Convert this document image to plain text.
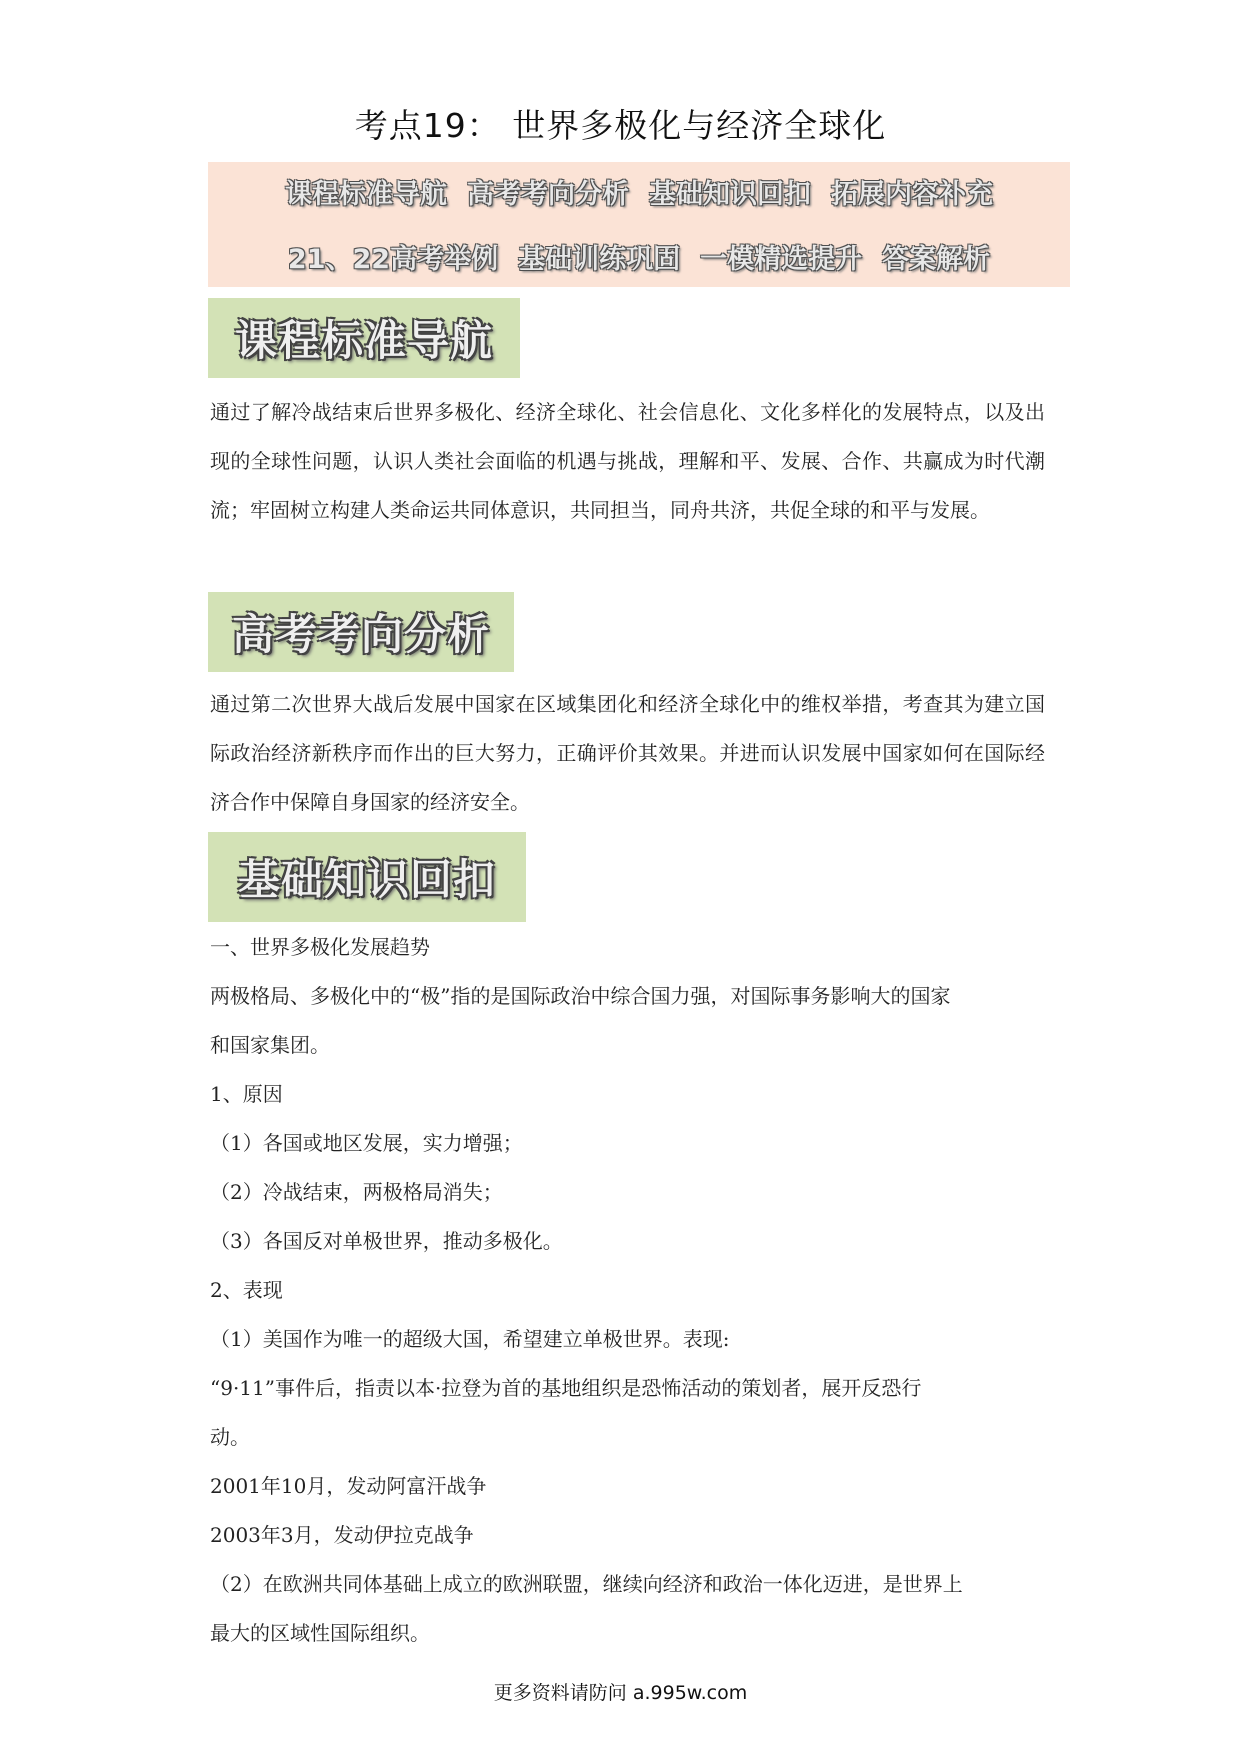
考点19： 世界多极化与经济全球化
课程标准导航 高考考向分析 基础知识回扣 拓展内容补充
21、22高考举例 基础训练巩固 一模精选提升 答案解析
课程标准导航
通过了解冷战结束后世界多极化、经济全球化、社会信息化、文化多样化的发展特点，以及出现的全球性问题，认识人类社会面临的机遇与挑战，理解和平、发展、合作、共赢成为时代潮流；牢固树立构建人类命运共同体意识，共同担当，同舟共济，共促全球的和平与发展。
高考考向分析
通过第二次世界大战后发展中国家在区域集团化和经济全球化中的维权举措，考查其为建立国际政治经济新秩序而作出的巨大努力，正确评价其效果。并进而认识发展中国家如何在国际经济合作中保障自身国家的经济安全。
基础知识回扣
一、世界多极化发展趋势
两极格局、多极化中的“极”指的是国际政治中综合国力强，对国际事务影响大的国家
和国家集团。
1、原因
（1）各国或地区发展，实力增强；
（2）冷战结束，两极格局消失；
（3）各国反对单极世界，推动多极化。
2、表现
（1）美国作为唯一的超级大国，希望建立单极世界。表现:
“9·11”事件后，指责以本·拉登为首的基地组织是恐怖活动的策划者，展开反恐行
动。
2001年10月，发动阿富汗战争
2003年3月，发动伊拉克战争
（2）在欧洲共同体基础上成立的欧洲联盟，继续向经济和政治一体化迈进，是世界上
最大的区域性国际组织。
更多资料请防问 a.995w.com
